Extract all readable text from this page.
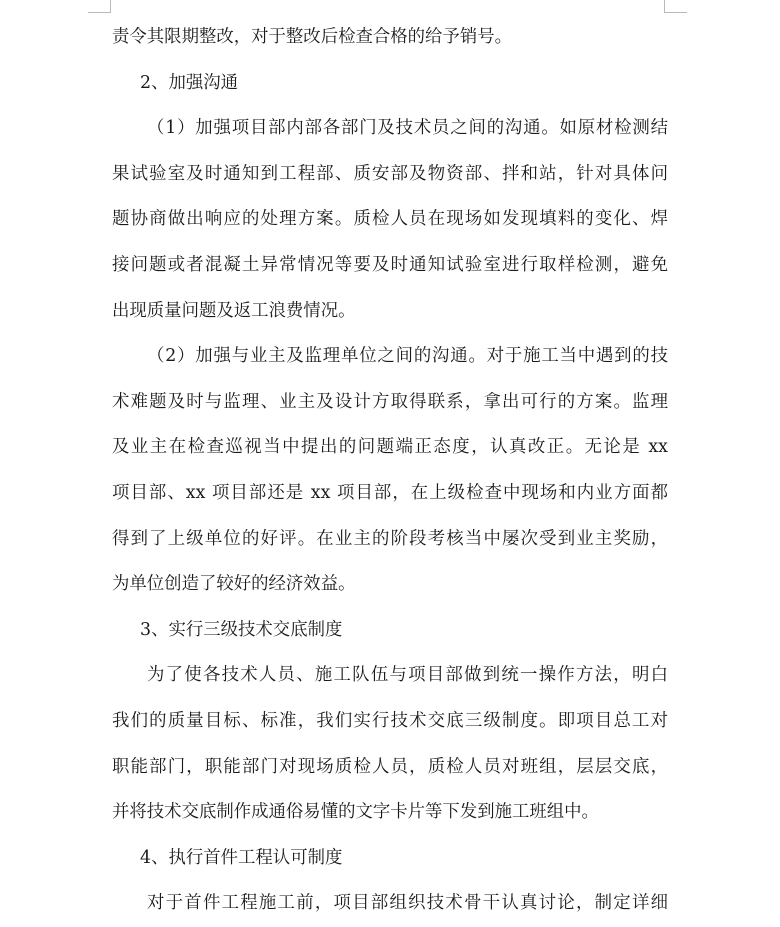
责令其限期整改，对于整改后检查合格的给予销号。
2、加强沟通
（1）加强项目部内部各部门及技术员之间的沟通。如原材检测结
果试验室及时通知到工程部、质安部及物资部、拌和站，针对具体问
题协商做出响应的处理方案。质检人员在现场如发现填料的变化、焊
接问题或者混凝土异常情况等要及时通知试验室进行取样检测，避免
出现质量问题及返工浪费情况。
（2）加强与业主及监理单位之间的沟通。对于施工当中遇到的技
术难题及时与监理、业主及设计方取得联系，拿出可行的方案。监理
及业主在检查巡视当中提出的问题端正态度，认真改正。无论是 xx
项目部、xx 项目部还是 xx 项目部，在上级检查中现场和内业方面都
得到了上级单位的好评。在业主的阶段考核当中屡次受到业主奖励，
为单位创造了较好的经济效益。
3、实行三级技术交底制度
为了使各技术人员、施工队伍与项目部做到统一操作方法，明白
我们的质量目标、标准，我们实行技术交底三级制度。即项目总工对
职能部门，职能部门对现场质检人员，质检人员对班组，层层交底，
并将技术交底制作成通俗易懂的文字卡片等下发到施工班组中。
4、执行首件工程认可制度
对于首件工程施工前，项目部组织技术骨干认真讨论，制定详细
